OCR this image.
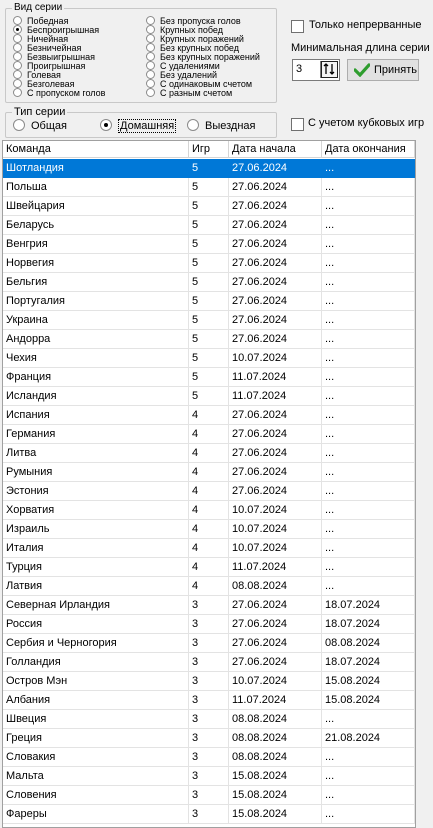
Вид серии
Победная
Беспроигрышная
Ничейная
Безничейная
Безвыигрышная
Проигрышная
Голевая
Безголевая
С пропуском голов
Без пропуска голов
Крупных побед
Крупных поражений
Без крупных побед
Без крупных поражений
С удалениями
Без удалений
С одинаковым счетом
С разным счетом
Только непрерванные
Минимальная длина серии
3	Принять
Тип серии
Общая	Домашняя	Выездная	С учетом кубковых игр
Команда	Игр	Дата начала	Дата окончания
Шотландия	5	27.06.2024	...
Польша	5	27.06.2024	...
Швейцария	5	27.06.2024	...
Беларусь	5	27.06.2024	...
Венгрия	5	27.06.2024	...
Норвегия	5	27.06.2024	...
Бельгия	5	27.06.2024	...
Португалия	5	27.06.2024	...
Украина	5	27.06.2024	...
Андорра	5	27.06.2024	...
Чехия	5	10.07.2024	...
Франция	5	11.07.2024	...
Исландия	5	11.07.2024	...
Испания	4	27.06.2024	...
Германия	4	27.06.2024	...
Литва	4	27.06.2024	...
Румыния	4	27.06.2024	...
Эстония	4	27.06.2024	...
Хорватия	4	10.07.2024	...
Израиль	4	10.07.2024	...
Италия	4	10.07.2024	...
Турция	4	11.07.2024	...
Латвия	4	08.08.2024	...
Северная Ирландия	3	27.06.2024	18.07.2024
Россия	3	27.06.2024	18.07.2024
Сербия и Черногория	3	27.06.2024	08.08.2024
Голландия	3	27.06.2024	18.07.2024
Остров Мэн	3	10.07.2024	15.08.2024
Албания	3	11.07.2024	15.08.2024
Швеция	3	08.08.2024	...
Греция	3	08.08.2024	21.08.2024
Словакия	3	08.08.2024	...
Мальта	3	15.08.2024	...
Словения	3	15.08.2024	...
Фареры	3	15.08.2024	...
